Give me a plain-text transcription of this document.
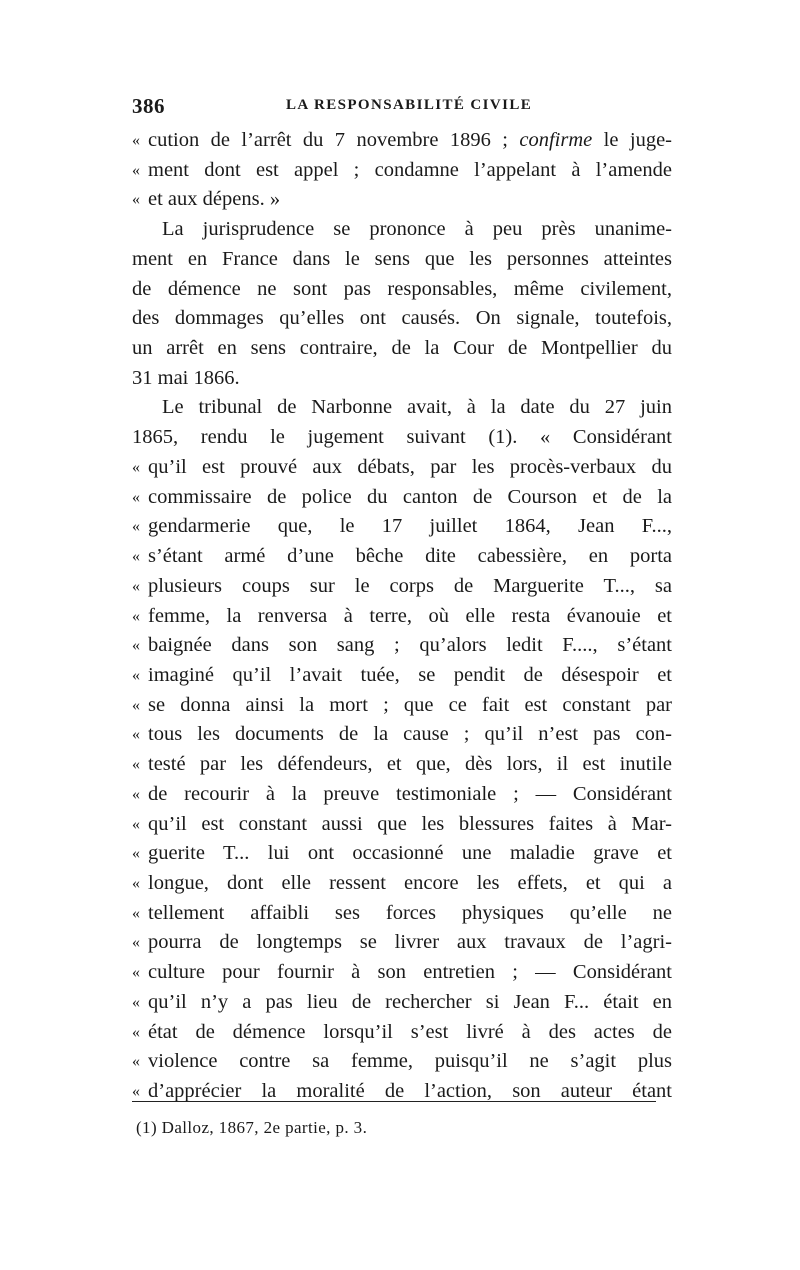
386	LA RESPONSABILITÉ CIVILE
« cution de l’arrêt du 7 novembre 1896 ; confirme le juge-
« ment dont est appel ; condamne l’appelant à l’amende
« et aux dépens. »
La jurisprudence se prononce à peu près unanime-
ment en France dans le sens que les personnes atteintes
de démence ne sont pas responsables, même civilement,
des dommages qu’elles ont causés. On signale, toutefois,
un arrêt en sens contraire, de la Cour de Montpellier du
31 mai 1866.
Le tribunal de Narbonne avait, à la date du 27 juin
1865, rendu le jugement suivant (1). « Considérant
« qu’il est prouvé aux débats, par les procès-verbaux du
« commissaire de police du canton de Courson et de la
« gendarmerie que, le 17 juillet 1864, Jean F...,
« s’étant armé d’une bêche dite cabessière, en porta
« plusieurs coups sur le corps de Marguerite T..., sa
« femme, la renversa à terre, où elle resta évanouie et
« baignée dans son sang ; qu’alors ledit F...., s’étant
« imaginé qu’il l’avait tuée, se pendit de désespoir et
« se donna ainsi la mort ; que ce fait est constant par
« tous les documents de la cause ; qu’il n’est pas con-
« testé par les défendeurs, et que, dès lors, il est inutile
« de recourir à la preuve testimoniale ; — Considérant
« qu’il est constant aussi que les blessures faites à Mar-
« guerite T... lui ont occasionné une maladie grave et
« longue, dont elle ressent encore les effets, et qui a
« tellement affaibli ses forces physiques qu’elle ne
« pourra de longtemps se livrer aux travaux de l’agri-
« culture pour fournir à son entretien ; — Considérant
« qu’il n’y a pas lieu de rechercher si Jean F... était en
« état de démence lorsqu’il s’est livré à des actes de
« violence contre sa femme, puisqu’il ne s’agit plus
« d’apprécier la moralité de l’action, son auteur étant
(1) Dalloz, 1867, 2e partie, p. 3.
